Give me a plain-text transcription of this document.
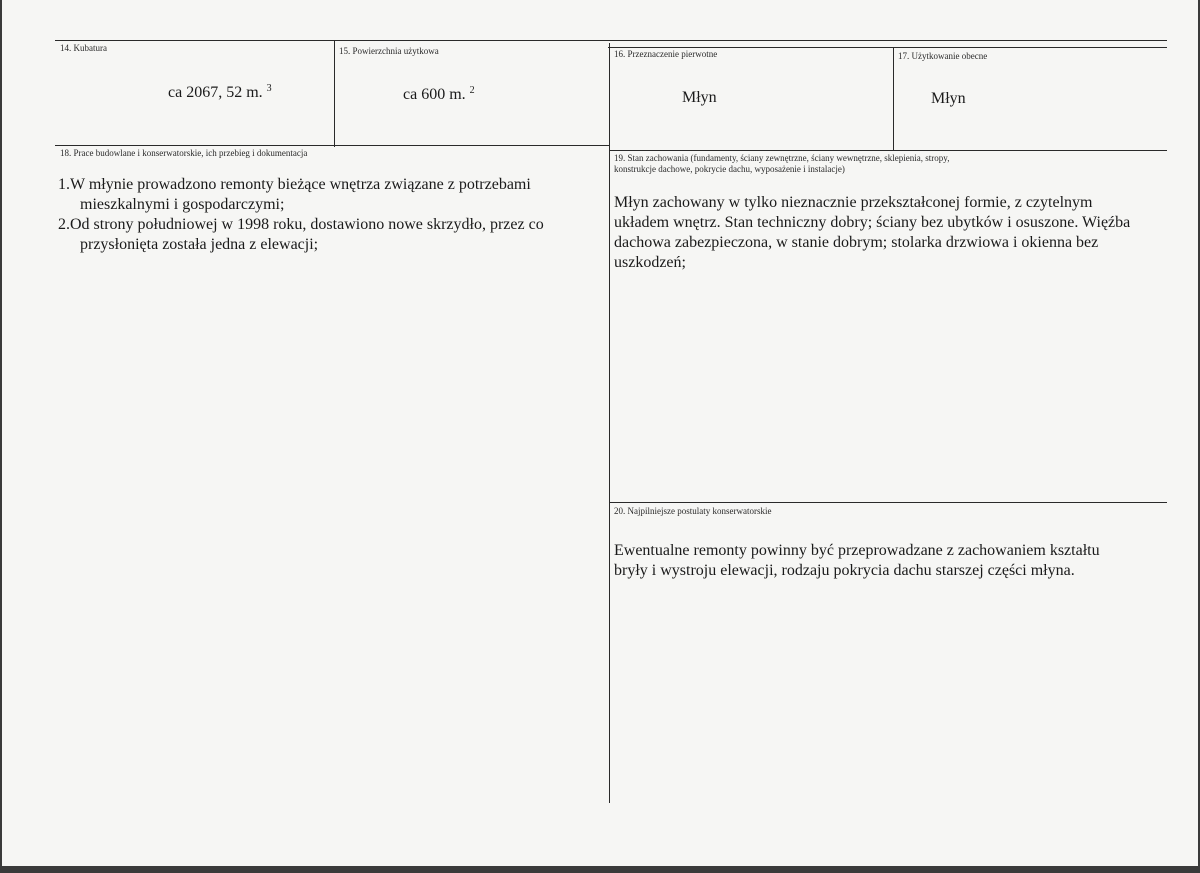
14. Kubatura
ca 2067, 52 m. $^3$
15. Powierzchnia użytkowa
ca 600 m. $^2$
16. Przeznaczenie pierwotne
Młyn
17. Użytkowanie obecne
Młyn
18. Prace budowlane i konserwatorskie, ich przebieg i dokumentacja
1.W młynie prowadzono remonty bieżące wnętrza związane z potrzebami mieszkalnymi i gospodarczymi;
2.Od strony południowej w 1998 roku, dostawiono nowe skrzydło, przez co przysłonięta została jedna z elewacji;
19. Stan zachowania (fundamenty, ściany zewnętrzne, ściany wewnętrzne, sklepienia, stropy,
konstrukcje dachowe, pokrycie dachu, wyposażenie i instalacje)
Młyn zachowany w tylko nieznacznie przekształconej formie, z czytelnym układem wnętrz. Stan techniczny dobry; ściany bez ubytków i osuszone. Więźba dachowa zabezpieczona, w stanie dobrym; stolarka drzwiowa i okienna bez uszkodzeń;
20. Najpilniejsze postulaty konserwatorskie
Ewentualne remonty powinny być przeprowadzane z zachowaniem kształtu bryły i wystroju elewacji, rodzaju pokrycia dachu starszej części młyna.
